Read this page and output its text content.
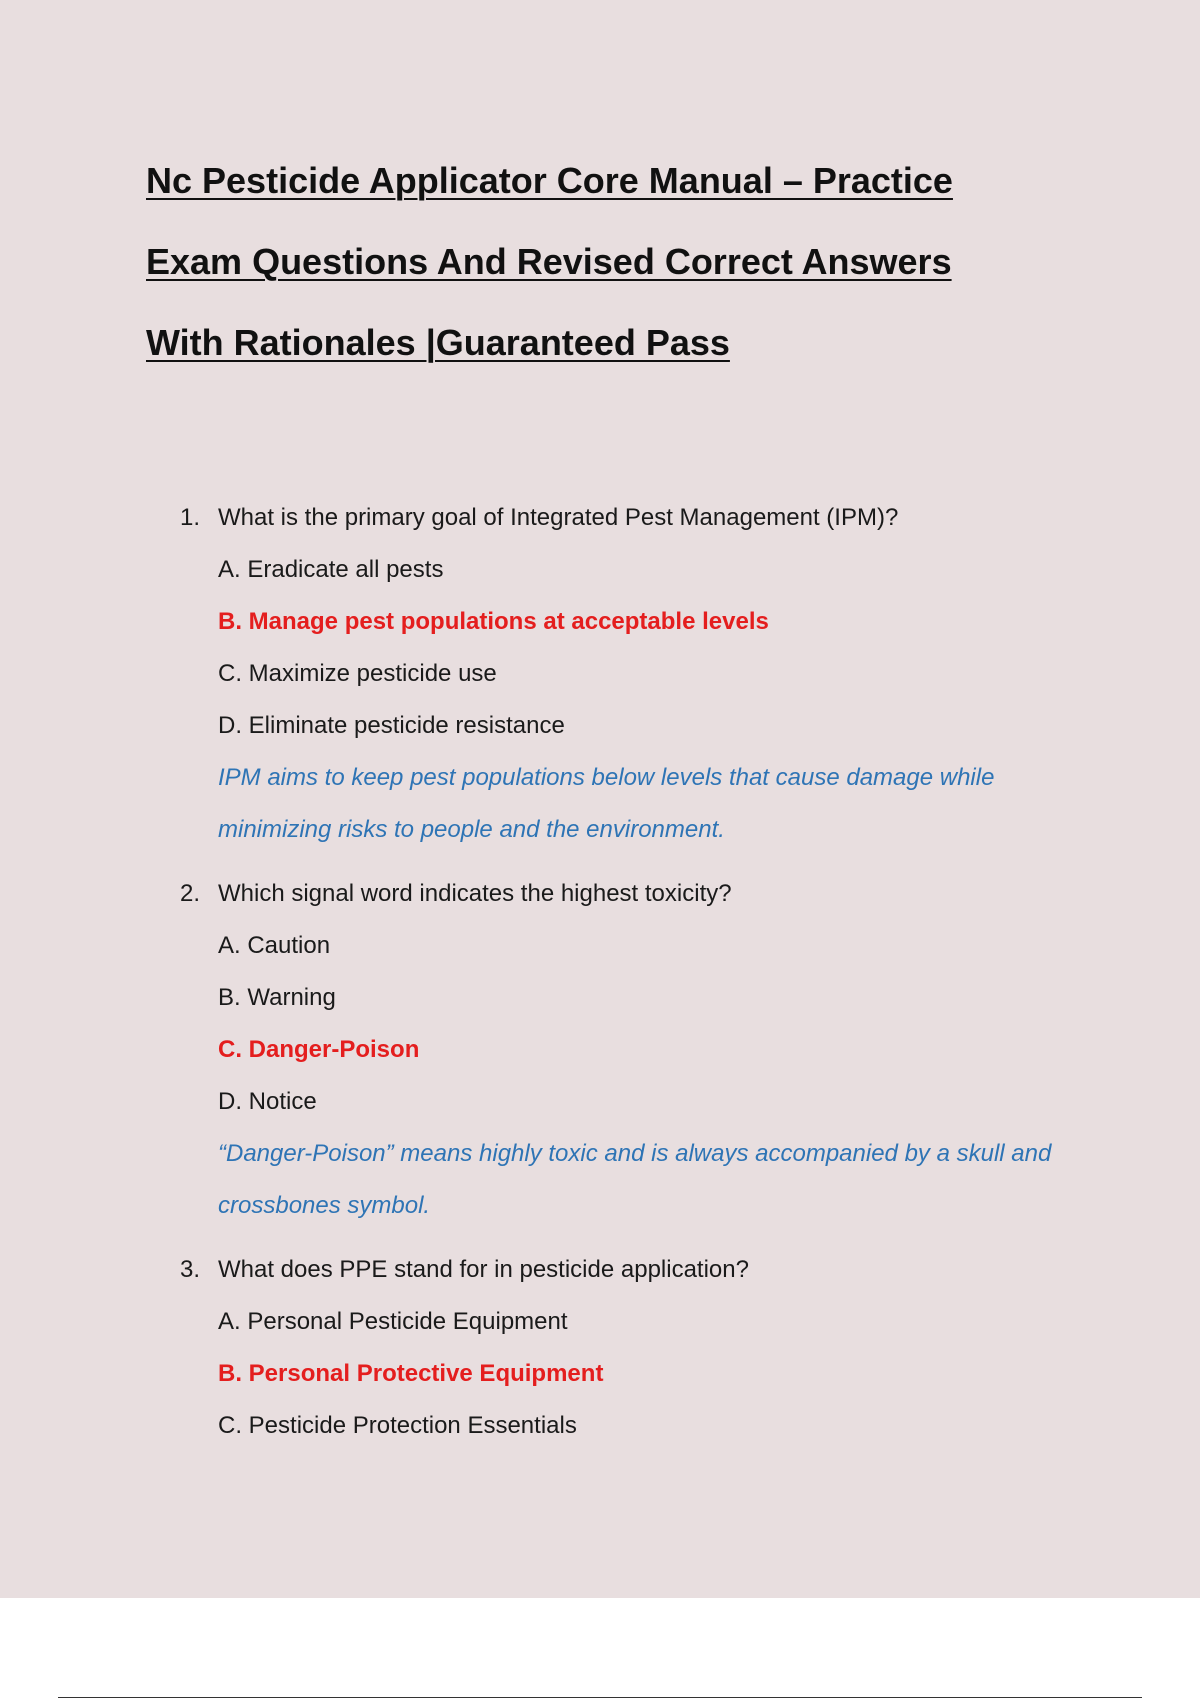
Nc Pesticide Applicator Core Manual – Practice
Exam Questions And Revised Correct Answers
With Rationales |Guaranteed Pass
1. What is the primary goal of Integrated Pest Management (IPM)?
A. Eradicate all pests
B. Manage pest populations at acceptable levels
C. Maximize pesticide use
D. Eliminate pesticide resistance
IPM aims to keep pest populations below levels that cause damage while minimizing risks to people and the environment.
2. Which signal word indicates the highest toxicity?
A. Caution
B. Warning
C. Danger-Poison
D. Notice
“Danger-Poison” means highly toxic and is always accompanied by a skull and crossbones symbol.
3. What does PPE stand for in pesticide application?
A. Personal Pesticide Equipment
B. Personal Protective Equipment
C. Pesticide Protection Essentials
